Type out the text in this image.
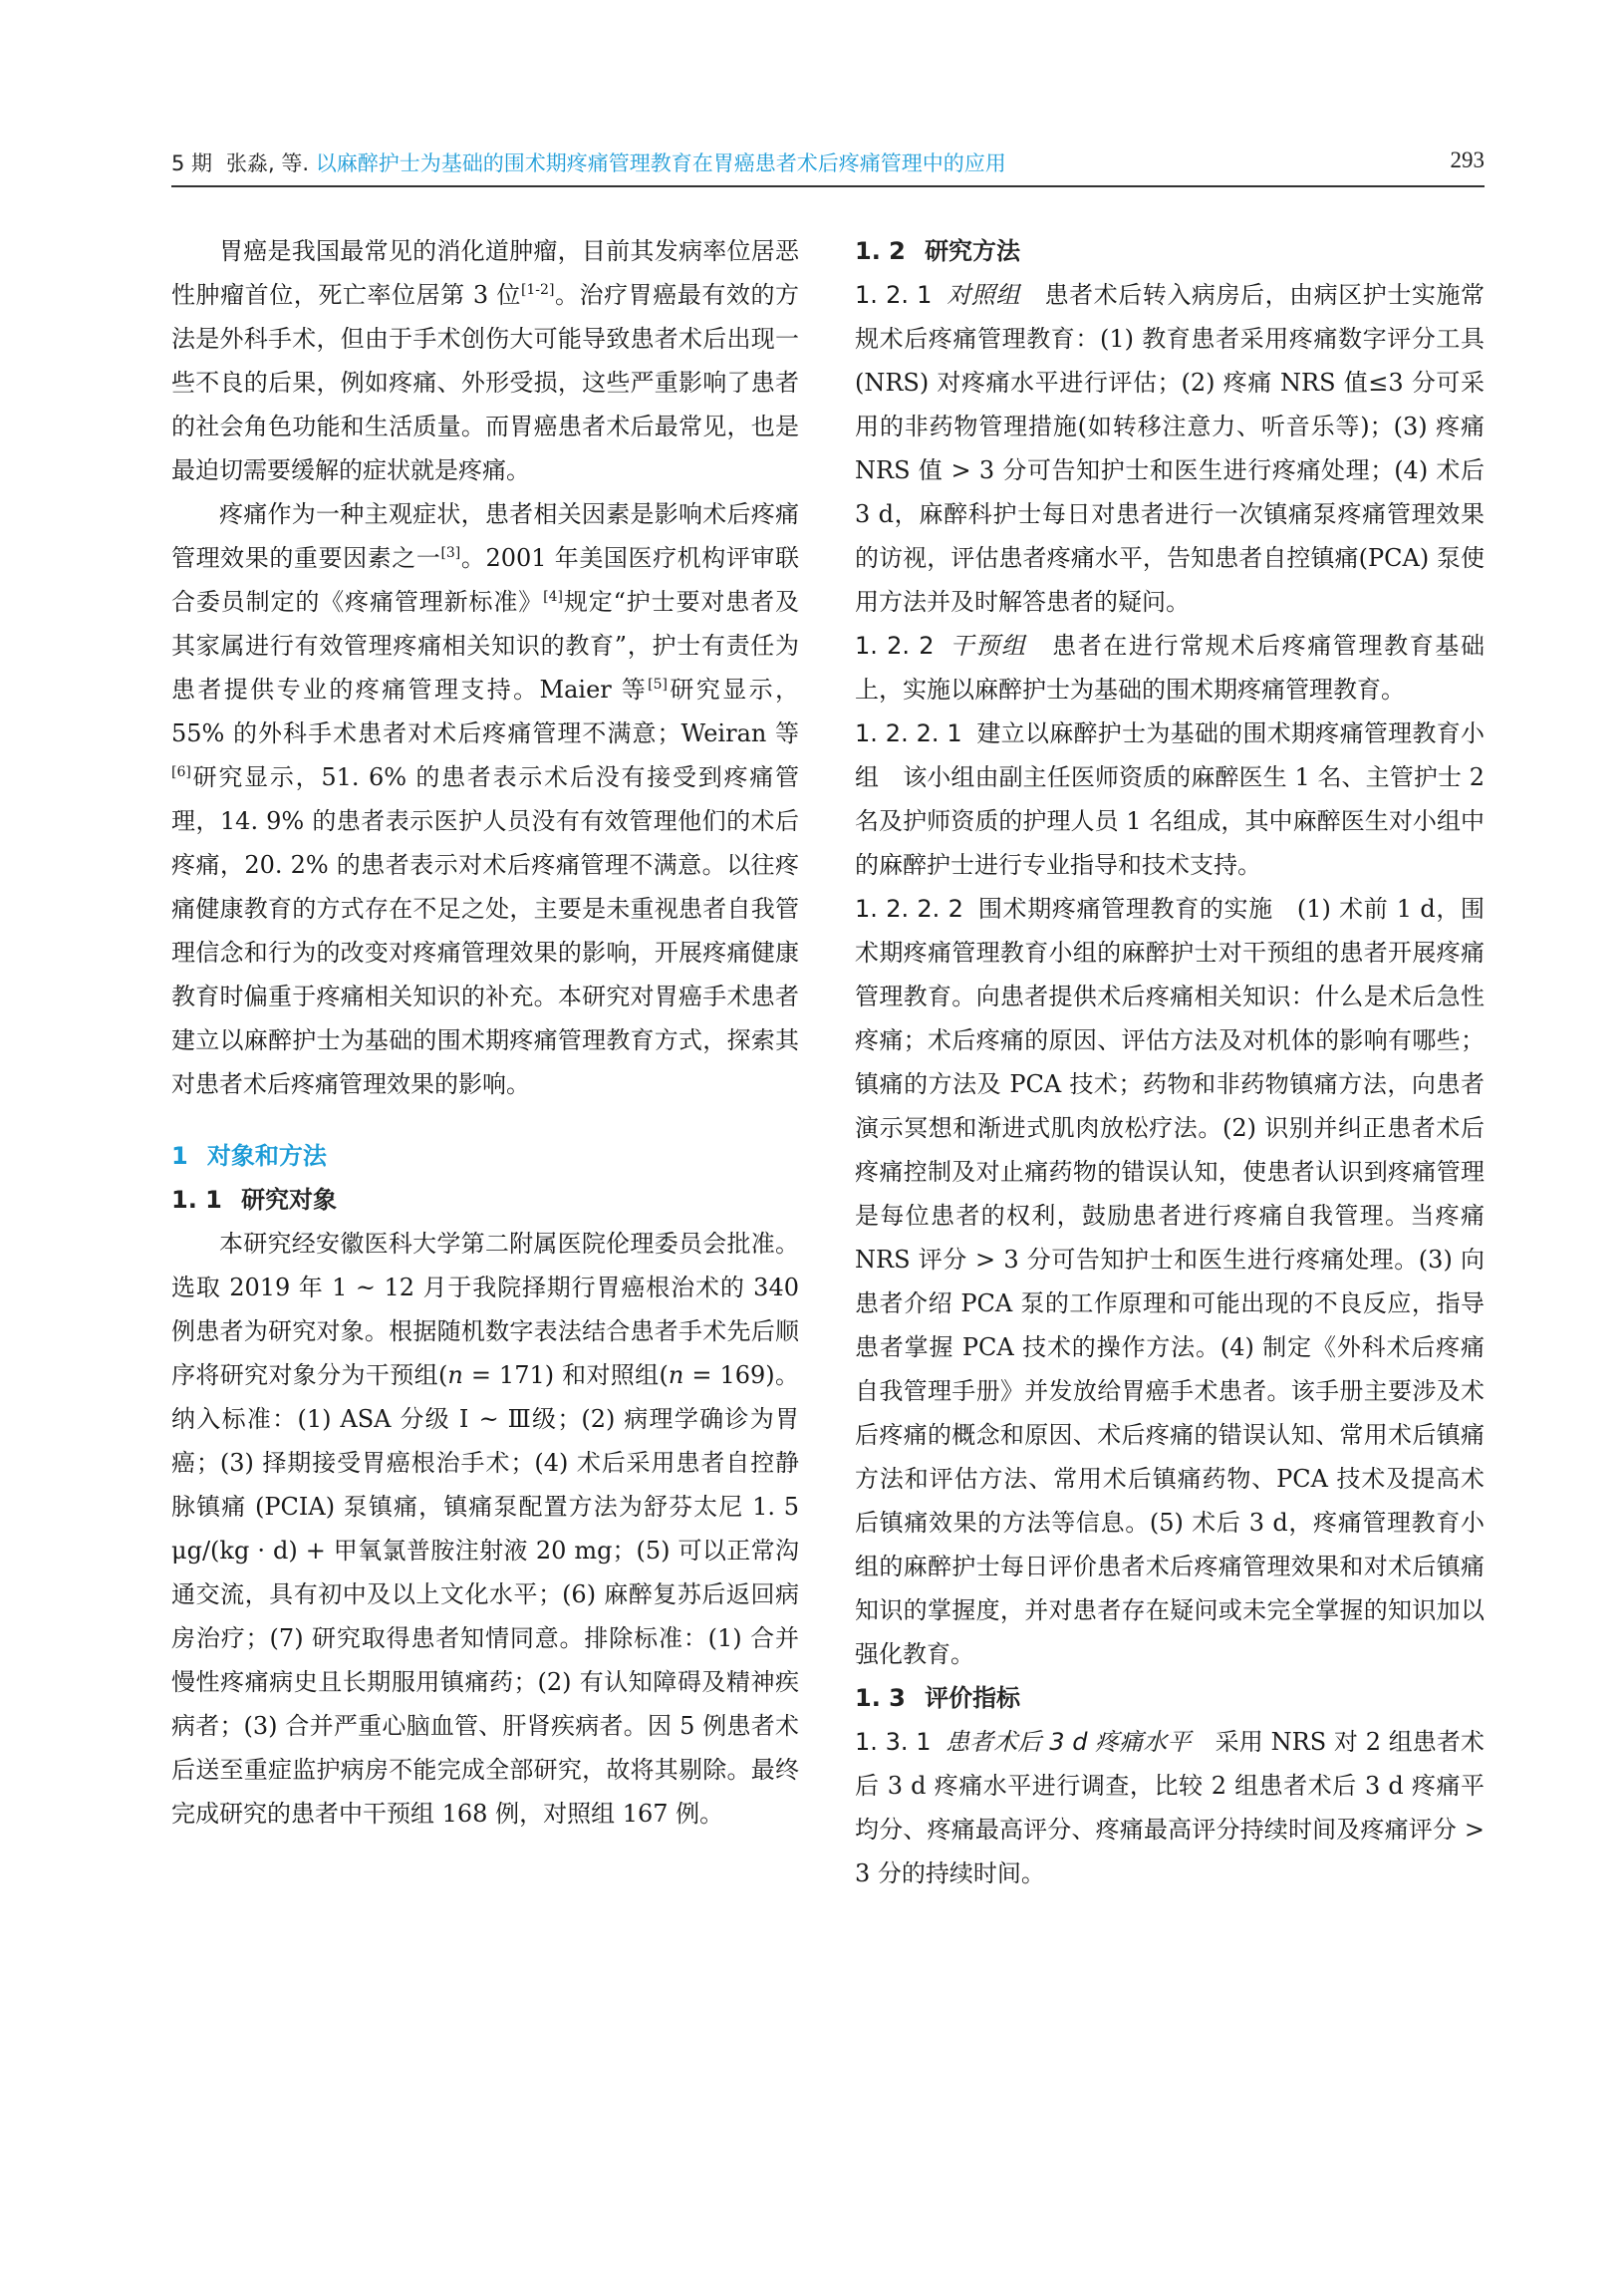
5 期 张淼, 等. 以麻醉护士为基础的围术期疼痛管理教育在胃癌患者术后疼痛管理中的应用	293

胃癌是我国最常见的消化道肿瘤，目前其发病率位居恶性肿瘤首位，死亡率位居第 3 位[1-2]。治疗胃癌最有效的方法是外科手术，但由于手术创伤大可能导致患者术后出现一些不良的后果，例如疼痛、外形受损，这些严重影响了患者的社会角色功能和生活质量。而胃癌患者术后最常见，也是最迫切需要缓解的症状就是疼痛。

疼痛作为一种主观症状，患者相关因素是影响术后疼痛管理效果的重要因素之一[3]。2001 年美国医疗机构评审联合委员制定的《疼痛管理新标准》[4]规定“护士要对患者及其家属进行有效管理疼痛相关知识的教育”，护士有责任为患者提供专业的疼痛管理支持。Maier 等[5]研究显示，55% 的外科手术患者对术后疼痛管理不满意；Weiran 等[6]研究显示，51. 6% 的患者表示术后没有接受到疼痛管理，14. 9% 的患者表示医护人员没有有效管理他们的术后疼痛，20. 2% 的患者表示对术后疼痛管理不满意。以往疼痛健康教育的方式存在不足之处，主要是未重视患者自我管理信念和行为的改变对疼痛管理效果的影响，开展疼痛健康教育时偏重于疼痛相关知识的补充。本研究对胃癌手术患者建立以麻醉护士为基础的围术期疼痛管理教育方式，探索其对患者术后疼痛管理效果的影响。

1 对象和方法
1. 1 研究对象

本研究经安徽医科大学第二附属医院伦理委员会批准。选取 2019 年 1 ~ 12 月于我院择期行胃癌根治术的 340 例患者为研究对象。根据随机数字表法结合患者手术先后顺序将研究对象分为干预组(n = 171) 和对照组(n = 169)。纳入标准：(1) ASA 分级 Ⅰ ~ Ⅲ级；(2) 病理学确诊为胃癌；(3) 择期接受胃癌根治手术；(4) 术后采用患者自控静脉镇痛 (PCIA) 泵镇痛，镇痛泵配置方法为舒芬太尼 1. 5 μg/(kg · d) + 甲氧氯普胺注射液 20 mg；(5) 可以正常沟通交流，具有初中及以上文化水平；(6) 麻醉复苏后返回病房治疗；(7) 研究取得患者知情同意。排除标准：(1) 合并慢性疼痛病史且长期服用镇痛药；(2) 有认知障碍及精神疾病者；(3) 合并严重心脑血管、肝肾疾病者。因 5 例患者术后送至重症监护病房不能完成全部研究，故将其剔除。最终完成研究的患者中干预组 168 例，对照组 167 例。

1. 2 研究方法

1. 2. 1 对照组  患者术后转入病房后，由病区护士实施常规术后疼痛管理教育：(1) 教育患者采用疼痛数字评分工具(NRS) 对疼痛水平进行评估；(2) 疼痛 NRS 值≤3 分可采用的非药物管理措施(如转移注意力、听音乐等)；(3) 疼痛 NRS 值 > 3 分可告知护士和医生进行疼痛处理；(4) 术后 3 d，麻醉科护士每日对患者进行一次镇痛泵疼痛管理效果的访视，评估患者疼痛水平，告知患者自控镇痛(PCA) 泵使用方法并及时解答患者的疑问。

1. 2. 2 干预组  患者在进行常规术后疼痛管理教育基础上，实施以麻醉护士为基础的围术期疼痛管理教育。

1. 2. 2. 1 建立以麻醉护士为基础的围术期疼痛管理教育小组  该小组由副主任医师资质的麻醉医生 1 名、主管护士 2 名及护师资质的护理人员 1 名组成，其中麻醉医生对小组中的麻醉护士进行专业指导和技术支持。

1. 2. 2. 2 围术期疼痛管理教育的实施  (1) 术前 1 d，围术期疼痛管理教育小组的麻醉护士对干预组的患者开展疼痛管理教育。向患者提供术后疼痛相关知识：什么是术后急性疼痛；术后疼痛的原因、评估方法及对机体的影响有哪些；镇痛的方法及 PCA 技术；药物和非药物镇痛方法，向患者演示冥想和渐进式肌肉放松疗法。(2) 识别并纠正患者术后疼痛控制及对止痛药物的错误认知，使患者认识到疼痛管理是每位患者的权利，鼓励患者进行疼痛自我管理。当疼痛 NRS 评分 > 3 分可告知护士和医生进行疼痛处理。(3) 向患者介绍 PCA 泵的工作原理和可能出现的不良反应，指导患者掌握 PCA 技术的操作方法。(4) 制定《外科术后疼痛自我管理手册》并发放给胃癌手术患者。该手册主要涉及术后疼痛的概念和原因、术后疼痛的错误认知、常用术后镇痛方法和评估方法、常用术后镇痛药物、PCA 技术及提高术后镇痛效果的方法等信息。(5) 术后 3 d，疼痛管理教育小组的麻醉护士每日评价患者术后疼痛管理效果和对术后镇痛知识的掌握度，并对患者存在疑问或未完全掌握的知识加以强化教育。

1. 3 评价指标

1. 3. 1 患者术后 3 d 疼痛水平  采用 NRS 对 2 组患者术后 3 d 疼痛水平进行调查，比较 2 组患者术后 3 d 疼痛平均分、疼痛最高评分、疼痛最高评分持续时间及疼痛评分 > 3 分的持续时间。
